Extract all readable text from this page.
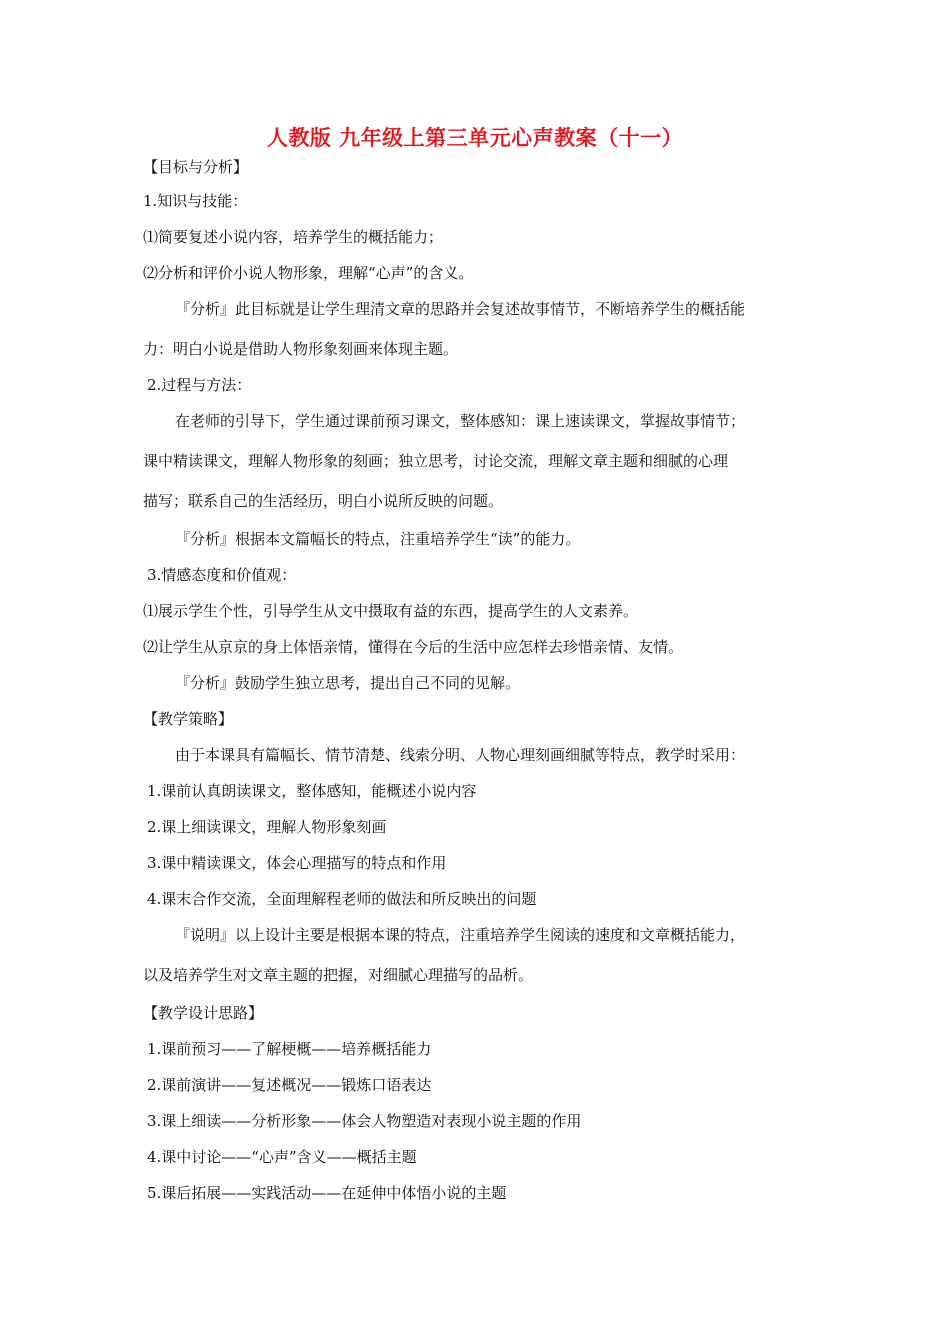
人教版 九年级上第三单元心声教案（十一）
【目标与分析】
1.知识与技能：
⑴简要复述小说内容，培养学生的概括能力；
⑵分析和评价小说人物形象，理解“心声”的含义。
『分析』此目标就是让学生理清文章的思路并会复述故事情节，不断培养学生的概括能
力：明白小说是借助人物形象刻画来体现主题。
2.过程与方法：
在老师的引导下，学生通过课前预习课文，整体感知：课上速读课文，掌握故事情节；
课中精读课文，理解人物形象的刻画；独立思考，讨论交流，理解文章主题和细腻的心理
描写；联系自己的生活经历，明白小说所反映的问题。
『分析』根据本文篇幅长的特点，注重培养学生“读”的能力。
3.情感态度和价值观：
⑴展示学生个性，引导学生从文中摄取有益的东西，提高学生的人文素养。
⑵让学生从京京的身上体悟亲情，懂得在今后的生活中应怎样去珍惜亲情、友情。
『分析』鼓励学生独立思考，提出自己不同的见解。
【教学策略】
由于本课具有篇幅长、情节清楚、线索分明、人物心理刻画细腻等特点，教学时采用：
1.课前认真朗读课文，整体感知，能概述小说内容
2.课上细读课文，理解人物形象刻画
3.课中精读课文，体会心理描写的特点和作用
4.课末合作交流，全面理解程老师的做法和所反映出的问题
『说明』以上设计主要是根据本课的特点，注重培养学生阅读的速度和文章概括能力，
以及培养学生对文章主题的把握，对细腻心理描写的品析。
【教学设计思路】
1.课前预习——了解梗概——培养概括能力
2.课前演讲——复述概况——锻炼口语表达
3.课上细读——分析形象——体会人物塑造对表现小说主题的作用
4.课中讨论——“心声”含义——概括主题
5.课后拓展——实践活动——在延伸中体悟小说的主题
